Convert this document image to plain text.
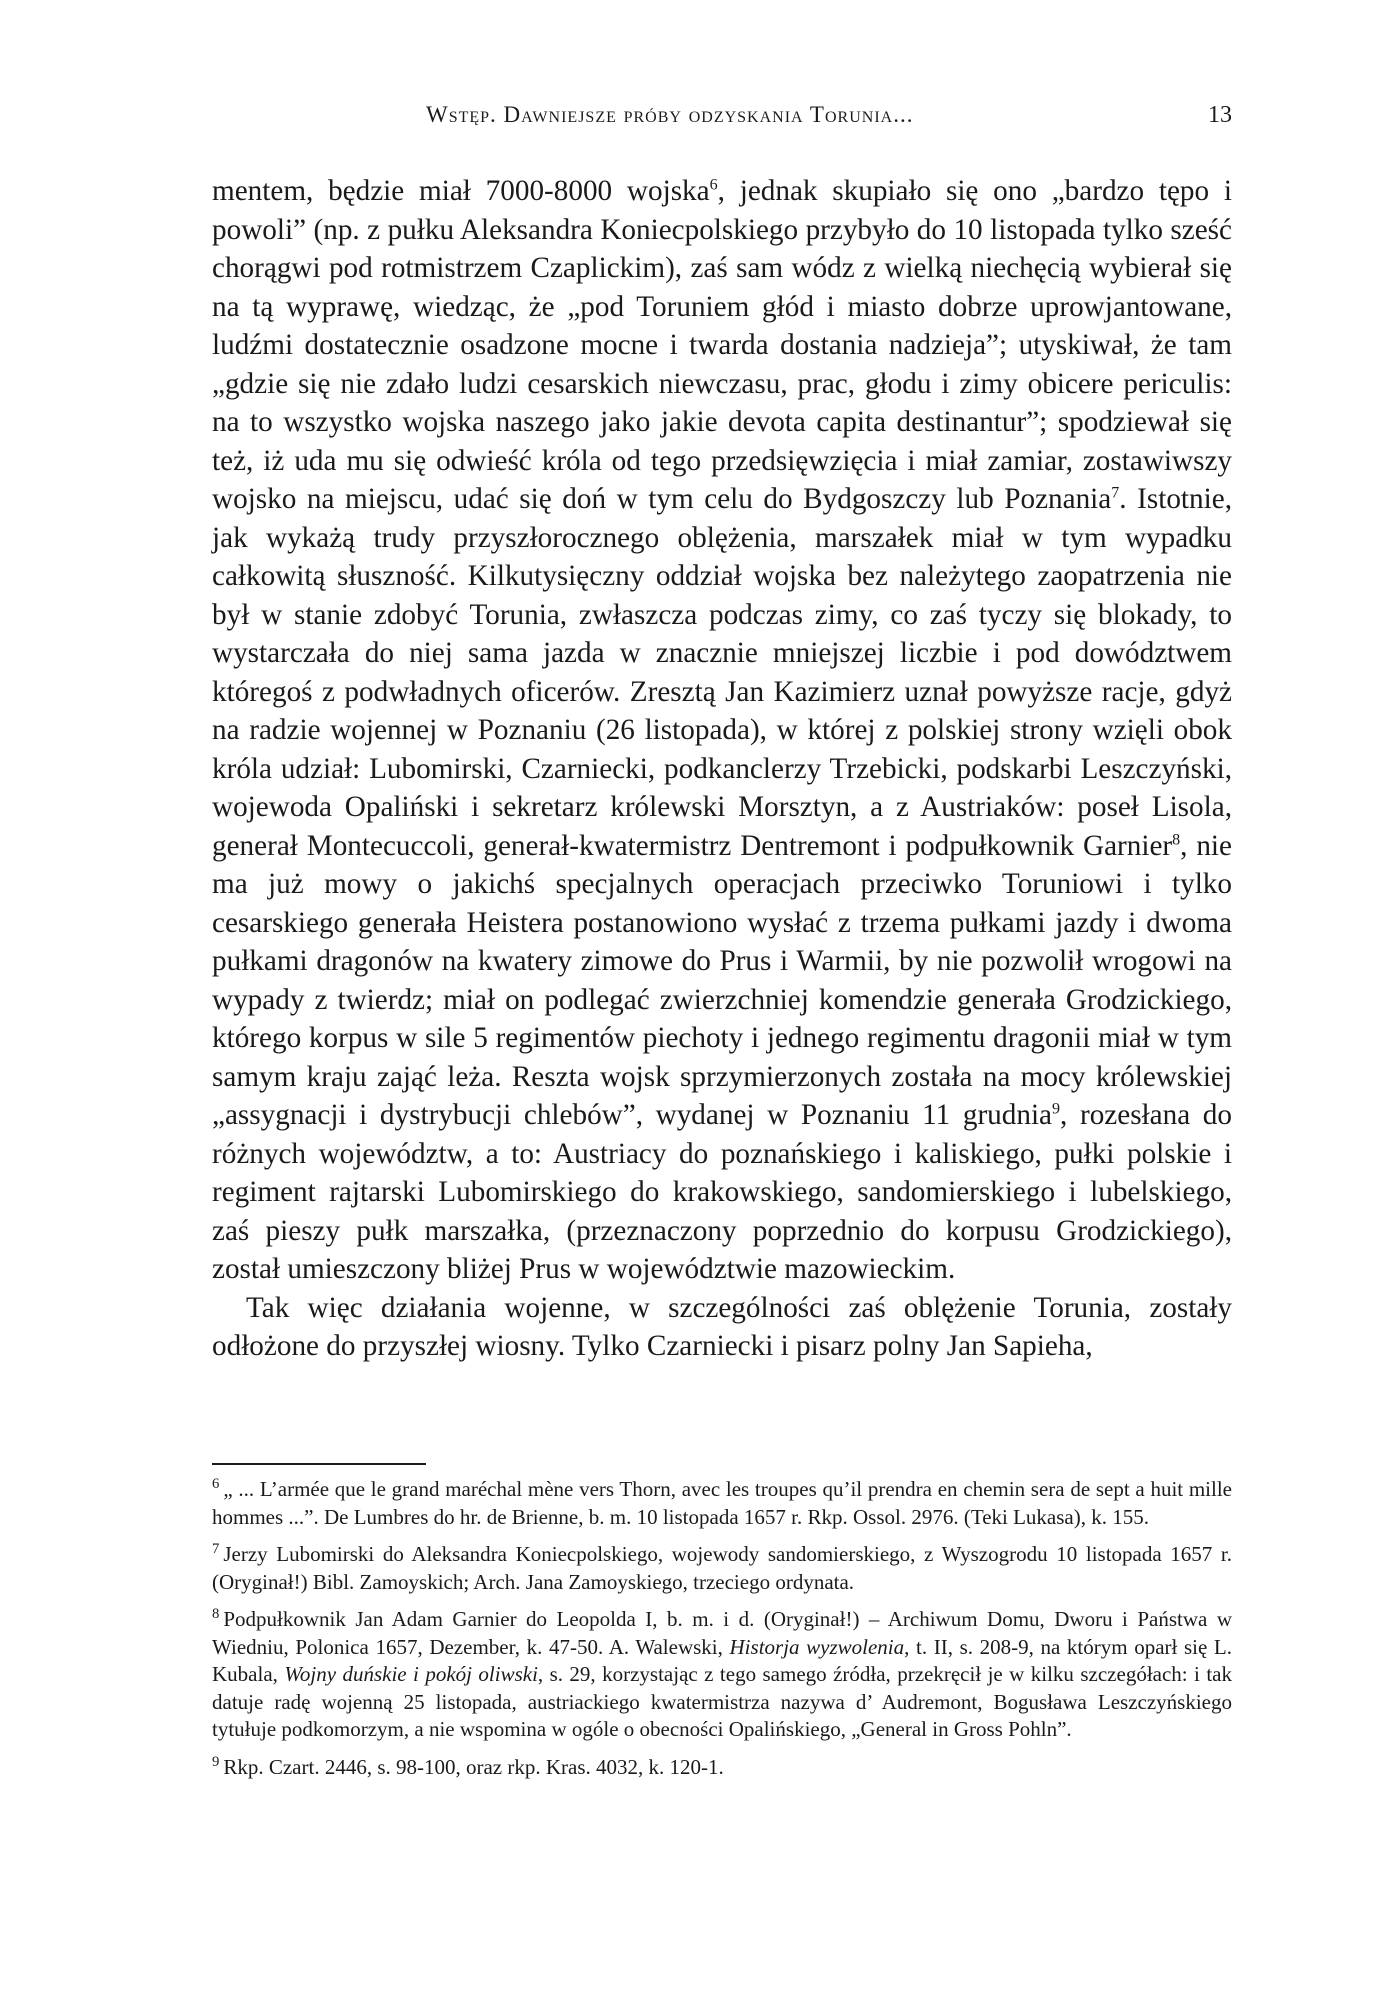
Wstęp. Dawniejsze próby odzyskania Torunia...	13

mentem, będzie miał 7000-8000 wojska$^6$, jednak skupiało się ono „bardzo tępo i powoli” (np. z pułku Aleksandra Koniecpolskiego przybyło do 10 listopada tylko sześć chorągwi pod rotmistrzem Czaplickim), zaś sam wódz z wielką niechęcią wybierał się na tą wyprawę, wiedząc, że „pod Toruniem głód i miasto dobrze uprowjantowane, ludźmi dostatecznie osadzone mocne i twarda dostania nadzieja”; utyskiwał, że tam „gdzie się nie zdało ludzi cesarskich niewczasu, prac, głodu i zimy obicere periculis: na to wszystko wojska naszego jako jakie devota capita destinantur”; spodziewał się też, iż uda mu się odwieść króla od tego przedsięwzięcia i miał zamiar, zostawiwszy wojsko na miejscu, udać się doń w tym celu do Bydgoszczy lub Poznania$^7$. Istotnie, jak wykażą trudy przyszłorocznego oblężenia, marszałek miał w tym wypadku całkowitą słuszność. Kilkutysięczny oddział wojska bez należytego zaopatrzenia nie był w stanie zdobyć Torunia, zwłaszcza podczas zimy, co zaś tyczy się blokady, to wystarczała do niej sama jazda w znacznie mniejszej liczbie i pod dowództwem któregoś z podwładnych oficerów. Zresztą Jan Kazimierz uznał powyższe racje, gdyż na radzie wojennej w Poznaniu (26 listopada), w której z polskiej strony wzięli obok króla udział: Lubomirski, Czarniecki, podkanclerzy Trzebicki, podskarbi Leszczyński, wojewoda Opaliński i sekretarz królewski Morsztyn, a z Austriaków: poseł Lisola, generał Montecuccoli, generał-kwatermistrz Dentremont i podpułkownik Garnier$^8$, nie ma już mowy o jakichś specjalnych operacjach przeciwko Toruniowi i tylko cesarskiego generała Heistera postanowiono wysłać z trzema pułkami jazdy i dwoma pułkami dragonów na kwatery zimowe do Prus i Warmii, by nie pozwolił wrogowi na wypady z twierdz; miał on podlegać zwierzchniej komendzie generała Grodzickiego, którego korpus w sile 5 regimentów piechoty i jednego regimentu dragonii miał w tym samym kraju zająć leża. Reszta wojsk sprzymierzonych została na mocy królewskiej „assygnacji i dystrybucji chlebów”, wydanej w Poznaniu 11 grudnia$^9$, rozesłana do różnych województw, a to: Austriacy do poznańskiego i kaliskiego, pułki polskie i regiment rajtarski Lubomirskiego do krakowskiego, sandomierskiego i lubelskiego, zaś pieszy pułk marszałka, (przeznaczony poprzednio do korpusu Grodzickiego), został umieszczony bliżej Prus w województwie mazowieckim.

Tak więc działania wojenne, w szczególności zaś oblężenie Torunia, zostały odłożone do przyszłej wiosny. Tylko Czarniecki i pisarz polny Jan Sapieha,

$^6$ „ ... L’armée que le grand maréchal mène vers Thorn, avec les troupes qu’il prendra en chemin sera de sept a huit mille hommes ...”. De Lumbres do hr. de Brienne, b. m. 10 listopada 1657 r. Rkp. Ossol. 2976. (Teki Lukasa), k. 155.

$^7$ Jerzy Lubomirski do Aleksandra Koniecpolskiego, wojewody sandomierskiego, z Wyszogrodu 10 listopada 1657 r. (Oryginał!) Bibl. Zamoyskich; Arch. Jana Zamoyskiego, trzeciego ordynata.

$^8$ Podpułkownik Jan Adam Garnier do Leopolda I, b. m. i d. (Oryginał!) – Archiwum Domu, Dworu i Państwa w Wiedniu, Polonica 1657, Dezember, k. 47-50. A. Walewski, Historja wyzwolenia, t. II, s. 208-9, na którym oparł się L. Kubala, Wojny duńskie i pokój oliwski, s. 29, korzystając z tego samego źródła, przekręcił je w kilku szczegółach: i tak datuje radę wojenną 25 listopada, austriackiego kwatermistrza nazywa d’ Audremont, Bogusława Leszczyńskiego tytułuje podkomorzym, a nie wspomina w ogóle o obecności Opalińskiego, „General in Gross Pohln”.

$^9$ Rkp. Czart. 2446, s. 98-100, oraz rkp. Kras. 4032, k. 120-1.
